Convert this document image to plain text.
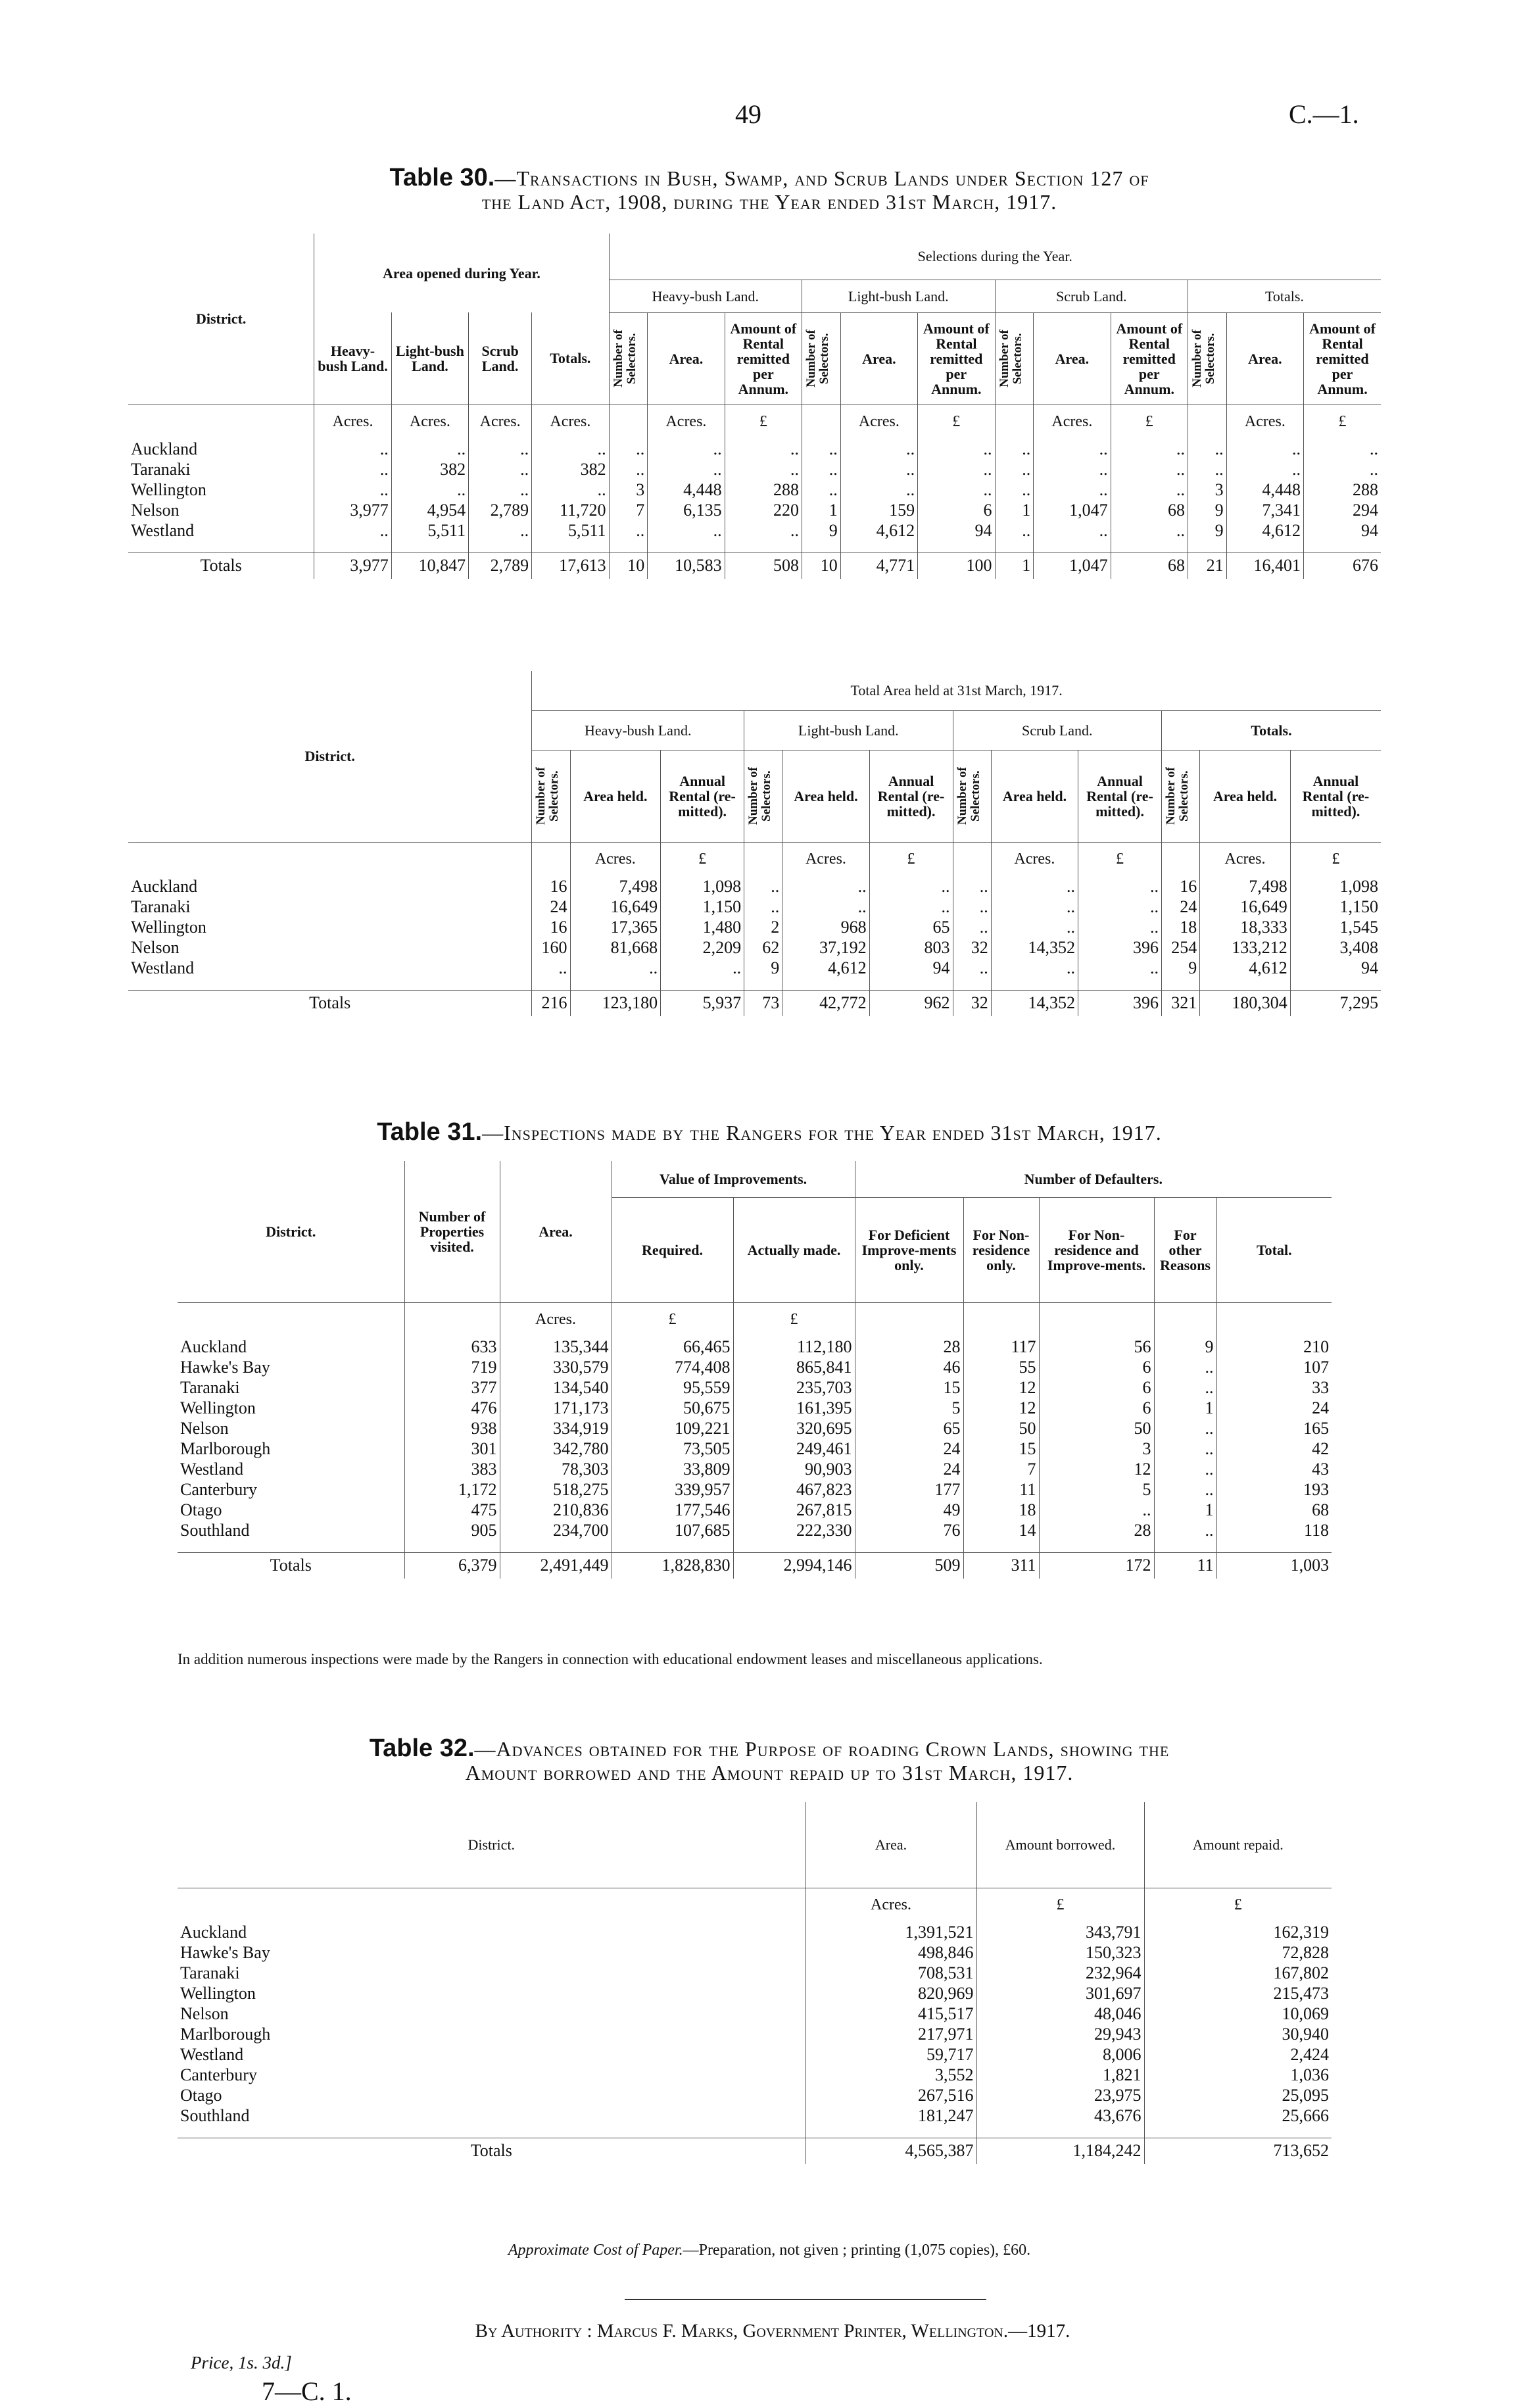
49	C.—1.
Table 30.—Transactions in Bush, Swamp, and Scrub Lands under Section 127 of
the Land Act, 1908, during the Year ended 31st March, 1917.
District.	Area opened during Year.				Selections during the Year.											
					Heavy-bush Land.			Light-bush Land.			Scrub Land.			Totals.		
	Heavy-bush Land.	Light-bush Land.	Scrub Land.	Totals.	Number of Selectors.	Area.	Amount of Rental remitted per Annum.	Number of Selectors.	Area.	Amount of Rental remitted per Annum.	Number of Selectors.	Area.	Amount of Rental remitted per Annum.	Number of Selectors.	Area.	Amount of Rental remitted per Annum.
	Acres.	Acres.	Acres.	Acres.		Acres.	£		Acres.	£		Acres.	£		Acres.	£
Auckland	..	..	..	..	..	..	..	..	..	..	..	..	..	..	..	..
Taranaki	..	382	..	382	..	..	..	..	..	..	..	..	..	..	..	..
Wellington	..	..	..	..	3	4,448	288	..	..	..	..	..	..	3	4,448	288
Nelson	3,977	4,954	2,789	11,720	7	6,135	220	1	159	6	1	1,047	68	9	7,341	294
Westland	..	5,511	..	5,511	..	..	..	9	4,612	94	..	..	..	9	4,612	94

Totals	3,977	10,847	2,789	17,613	10	10,583	508	10	4,771	100	1	1,047	68	21	16,401	676
District.	Total Area held at 31st March, 1917.											
	Heavy-bush Land.			Light-bush Land.			Scrub Land.			Totals.		

	Number of Selectors.	Area held.	Annual Rental (re-mitted).	Number of Selectors.	Area held.	Annual Rental (re-mitted).	Number of Selectors.	Area held.	Annual Rental (re-mitted).	Number of Selectors.	Area held.	Annual Rental (re-mitted).
		Acres.	£		Acres.	£		Acres.	£		Acres.	£
Auckland	16	7,498	1,098	..	..	..	..	..	..	16	7,498	1,098
Taranaki	24	16,649	1,150	..	..	..	..	..	..	24	16,649	1,150
Wellington	16	17,365	1,480	2	968	65	..	..	..	18	18,333	1,545
Nelson	160	81,668	2,209	62	37,192	803	32	14,352	396	254	133,212	3,408
Westland	..	..	..	9	4,612	94	..	..	..	9	4,612	94

Totals	216	123,180	5,937	73	42,772	962	32	14,352	396	321	180,304	7,295
Table 31.—Inspections made by the Rangers for the Year ended 31st March, 1917.
District.	Number of Properties visited.	Area.	Value of Improvements.		Number of Defaulters.				
			Required.	Actually made.	For Deficient Improve-ments only.	For Non-residence only.	For Non-residence and Improve-ments.	For other Reasons	Total.
		Acres.	£	£					
Auckland	633	135,344	66,465	112,180	28	117	56	9	210
Hawke's Bay	719	330,579	774,408	865,841	46	55	6	..	107
Taranaki	377	134,540	95,559	235,703	15	12	6	..	33
Wellington	476	171,173	50,675	161,395	5	12	6	1	24
Nelson	938	334,919	109,221	320,695	65	50	50	..	165
Marlborough	301	342,780	73,505	249,461	24	15	3	..	42
Westland	383	78,303	33,809	90,903	24	7	12	..	43
Canterbury	1,172	518,275	339,957	467,823	177	11	5	..	193
Otago	475	210,836	177,546	267,815	49	18	..	1	68
Southland	905	234,700	107,685	222,330	76	14	28	..	118

Totals	6,379	2,491,449	1,828,830	2,994,146	509	311	172	11	1,003
In addition numerous inspections were made by the Rangers in connection with educational endowment leases and miscellaneous applications.
Table 32.—Advances obtained for the Purpose of roading Crown Lands, showing the
Amount borrowed and the Amount repaid up to 31st March, 1917.
District.	Area.	Amount borrowed.	Amount repaid.
	Acres.	£	£
Auckland	1,391,521	343,791	162,319
Hawke's Bay	498,846	150,323	72,828
Taranaki	708,531	232,964	167,802
Wellington	820,969	301,697	215,473
Nelson	415,517	48,046	10,069
Marlborough	217,971	29,943	30,940
Westland	59,717	8,006	2,424
Canterbury	3,552	1,821	1,036
Otago	267,516	23,975	25,095
Southland	181,247	43,676	25,666

Totals	4,565,387	1,184,242	713,652
Approximate Cost of Paper.—Preparation, not given ; printing (1,075 copies), £60.
By Authority : Marcus F. Marks, Government Printer, Wellington.—1917.
Price, 1s. 3d.]
7—C. 1.
